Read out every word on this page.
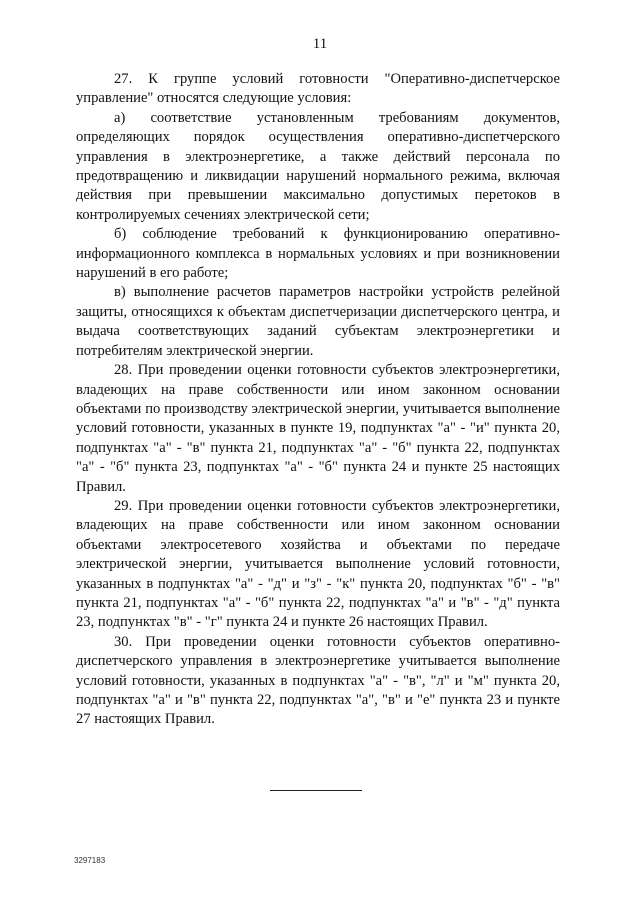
11

27. К группе условий готовности "Оперативно-диспетчерское управление" относятся следующие условия:

а) соответствие установленным требованиям документов, определяющих порядок осуществления оперативно-диспетчерского управления в электроэнергетике, а также действий персонала по предотвращению и ликвидации нарушений нормального режима, включая действия при превышении максимально допустимых перетоков в контролируемых сечениях электрической сети;

б) соблюдение требований к функционированию оперативно-информационного комплекса в нормальных условиях и при возникновении нарушений в его работе;

в) выполнение расчетов параметров настройки устройств релейной защиты, относящихся к объектам диспетчеризации диспетчерского центра, и выдача соответствующих заданий субъектам электроэнергетики и потребителям электрической энергии.

28. При проведении оценки готовности субъектов электроэнергетики, владеющих на праве собственности или ином законном основании объектами по производству электрической энергии, учитывается выполнение условий готовности, указанных в пункте 19, подпунктах "а" - "и" пункта 20, подпунктах "а" - "в" пункта 21, подпунктах "а" - "б" пункта 22, подпунктах "а" - "б" пункта 23, подпунктах "а" - "б" пункта 24 и пункте 25 настоящих Правил.

29. При проведении оценки готовности субъектов электроэнергетики, владеющих на праве собственности или ином законном основании объектами электросетевого хозяйства и объектами по передаче электрической энергии, учитывается выполнение условий готовности, указанных в подпунктах "а" - "д" и "з" - "к" пункта 20, подпунктах "б" - "в" пункта 21, подпунктах "а" - "б" пункта 22, подпунктах "а" и "в" - "д" пункта 23, подпунктах "в" - "г" пункта 24 и пункте 26 настоящих Правил.

30. При проведении оценки готовности субъектов оперативно-диспетчерского управления в электроэнергетике учитывается выполнение условий готовности, указанных в подпунктах "а" - "в", "л" и "м" пункта 20, подпунктах "а" и "в" пункта 22, подпунктах "а", "в" и "е" пункта 23 и пункте 27 настоящих Правил.

3297183
